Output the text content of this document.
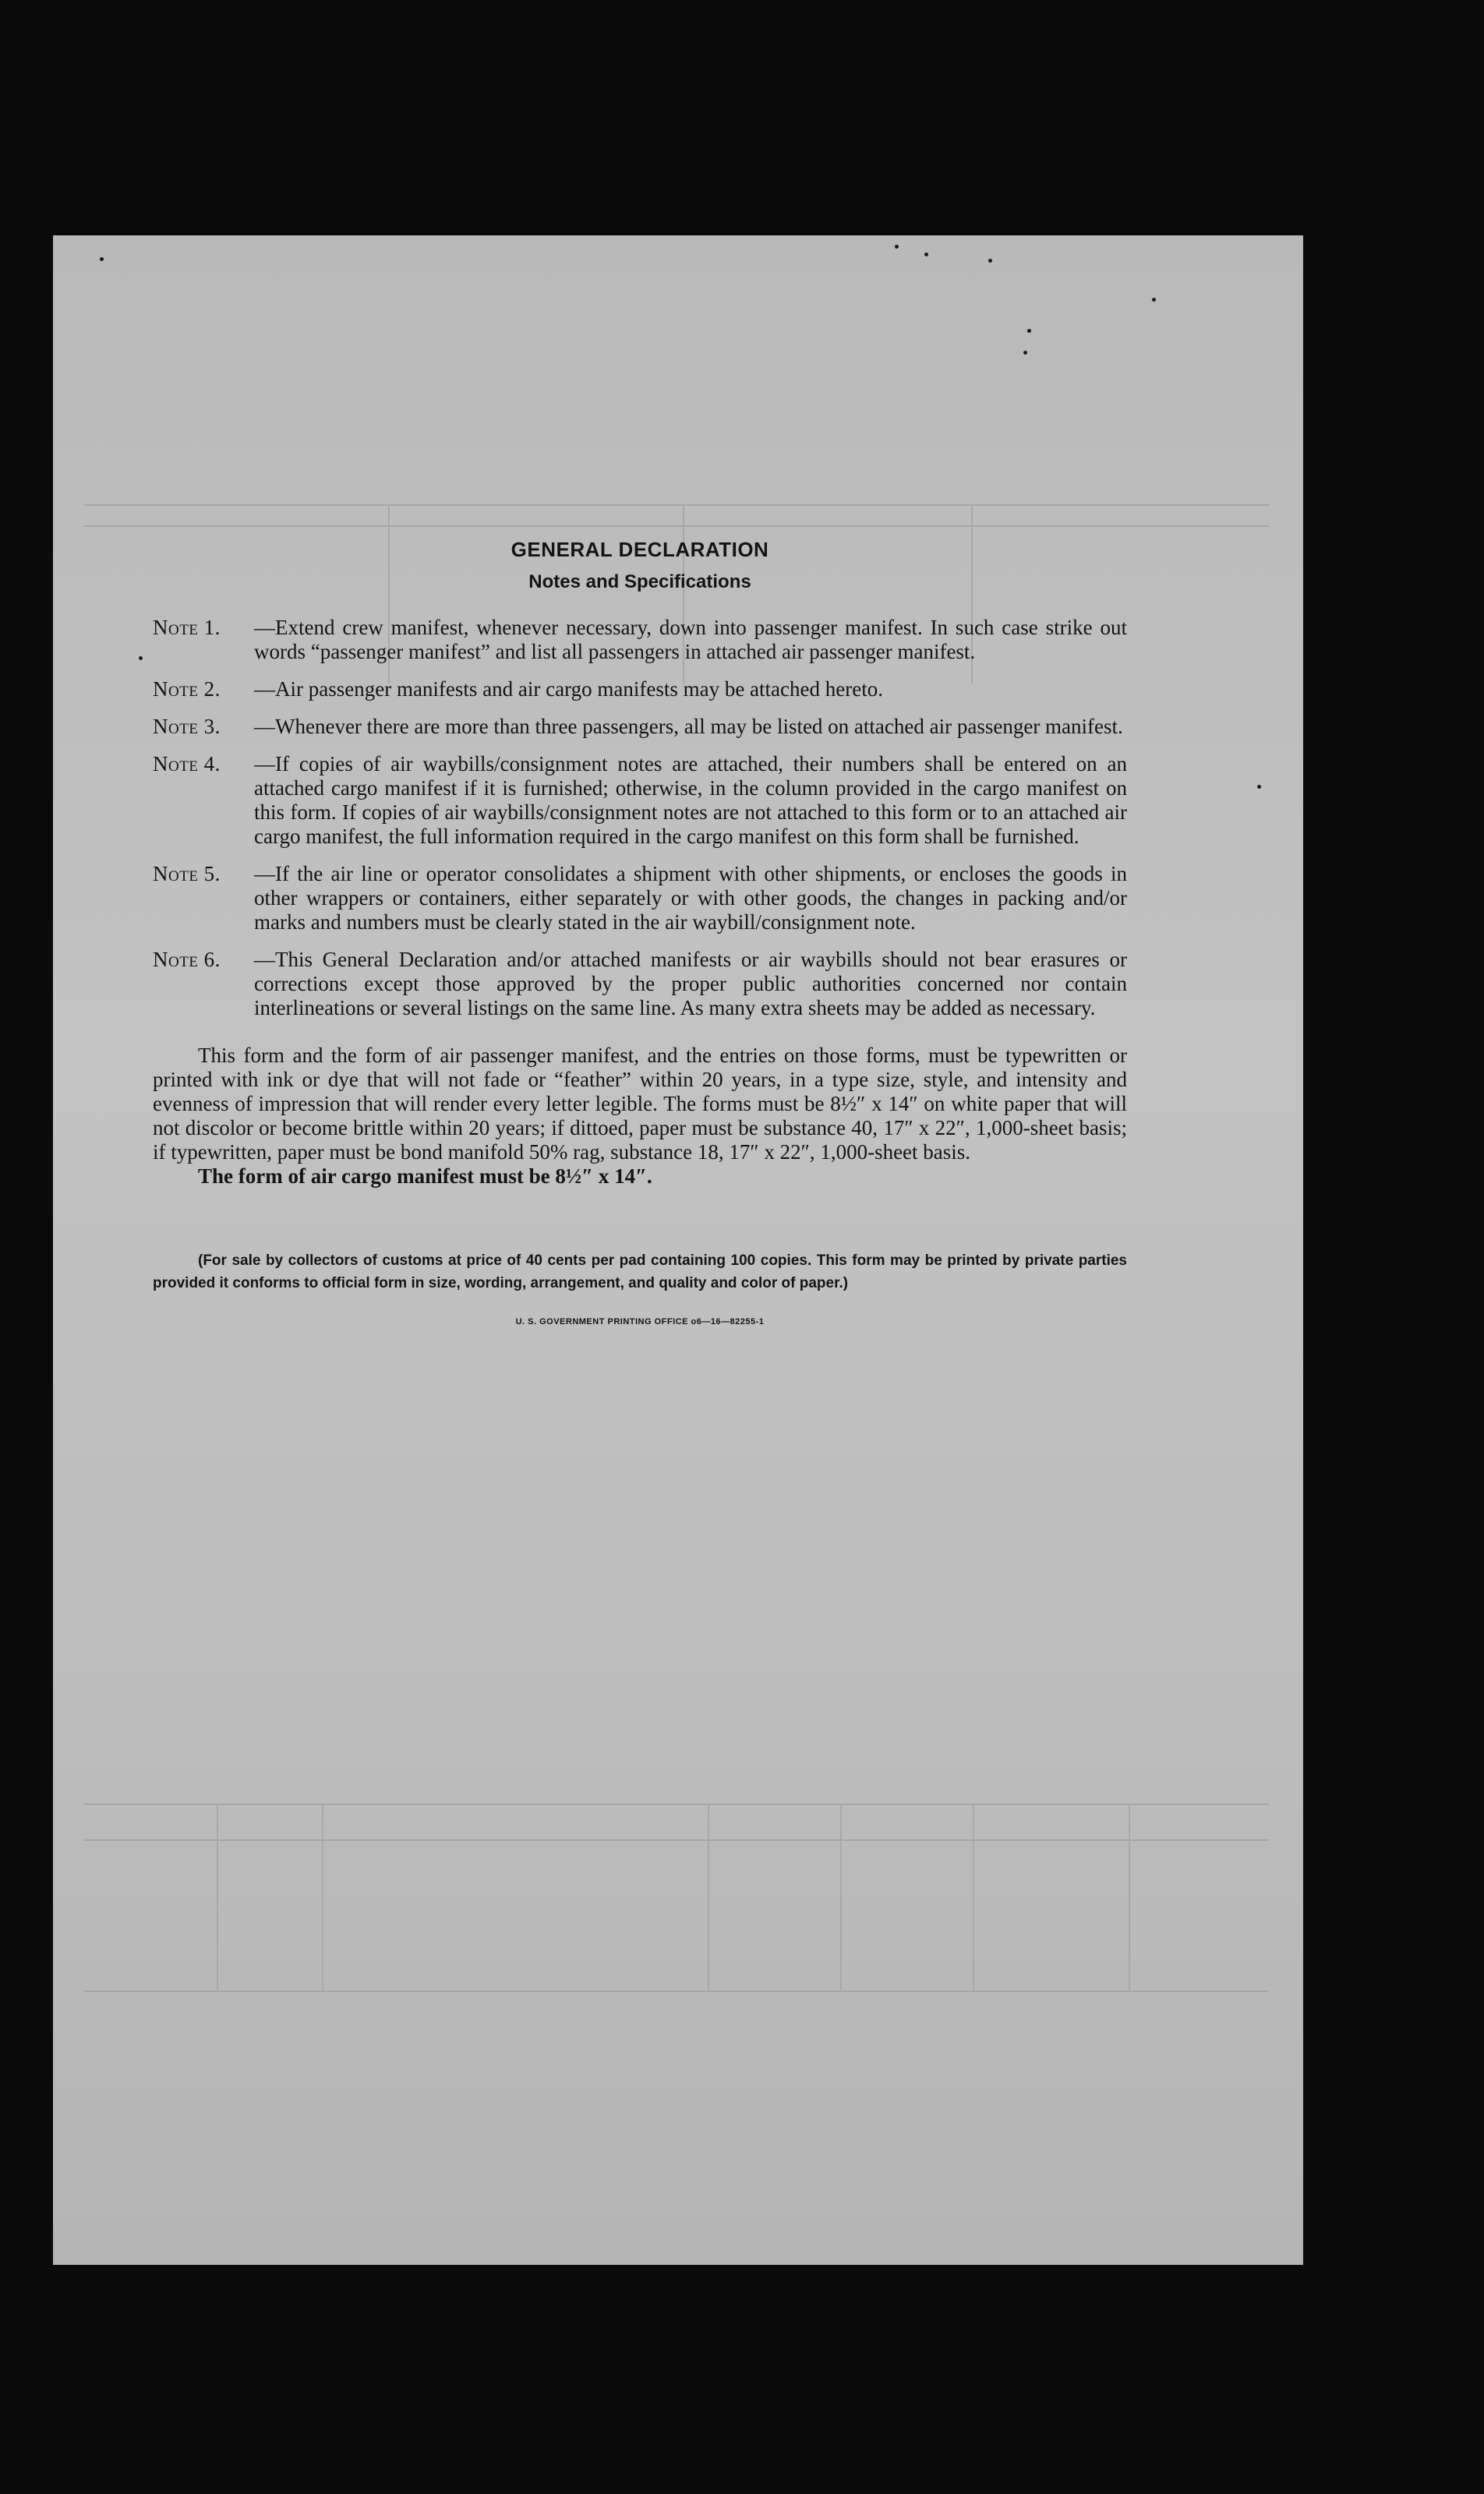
GENERAL DECLARATION
Notes and Specifications
Note 1.	— Extend crew manifest, whenever necessary, down into passenger manifest. In such case strike out words “passenger manifest” and list all passengers in attached air passenger manifest.
Note 2.	— Air passenger manifests and air cargo manifests may be attached hereto.
Note 3.	— Whenever there are more than three passengers, all may be listed on attached air passenger manifest.
Note 4.	— If copies of air waybills/consignment notes are attached, their numbers shall be entered on an attached cargo manifest if it is furnished; otherwise, in the column provided in the cargo manifest on this form. If copies of air waybills/consignment notes are not attached to this form or to an attached air cargo manifest, the full information required in the cargo manifest on this form shall be furnished.
Note 5.	— If the air line or operator consolidates a shipment with other shipments, or encloses the goods in other wrappers or containers, either separately or with other goods, the changes in packing and/or marks and numbers must be clearly stated in the air waybill/consignment note.
Note 6.	— This General Declaration and/or attached manifests or air waybills should not bear erasures or corrections except those approved by the proper public authorities concerned nor contain interlineations or several listings on the same line. As many extra sheets may be added as necessary.

This form and the form of air passenger manifest, and the entries on those forms, must be typewritten or printed with ink or dye that will not fade or “feather” within 20 years, in a type size, style, and intensity and evenness of impression that will render every letter legible. The forms must be 8½″ x 14″ on white paper that will not discolor or become brittle within 20 years; if dittoed, paper must be substance 40, 17″ x 22″, 1,000-sheet basis; if typewritten, paper must be bond manifold 50% rag, substance 18, 17″ x 22″, 1,000-sheet basis.

The form of air cargo manifest must be 8½″ x 14″.

(For sale by collectors of customs at price of 40 cents per pad containing 100 copies. This form may be printed by private parties provided it conforms to official form in size, wording, arrangement, and quality and color of paper.)

U. S. GOVERNMENT PRINTING OFFICE o6—16—82255-1
